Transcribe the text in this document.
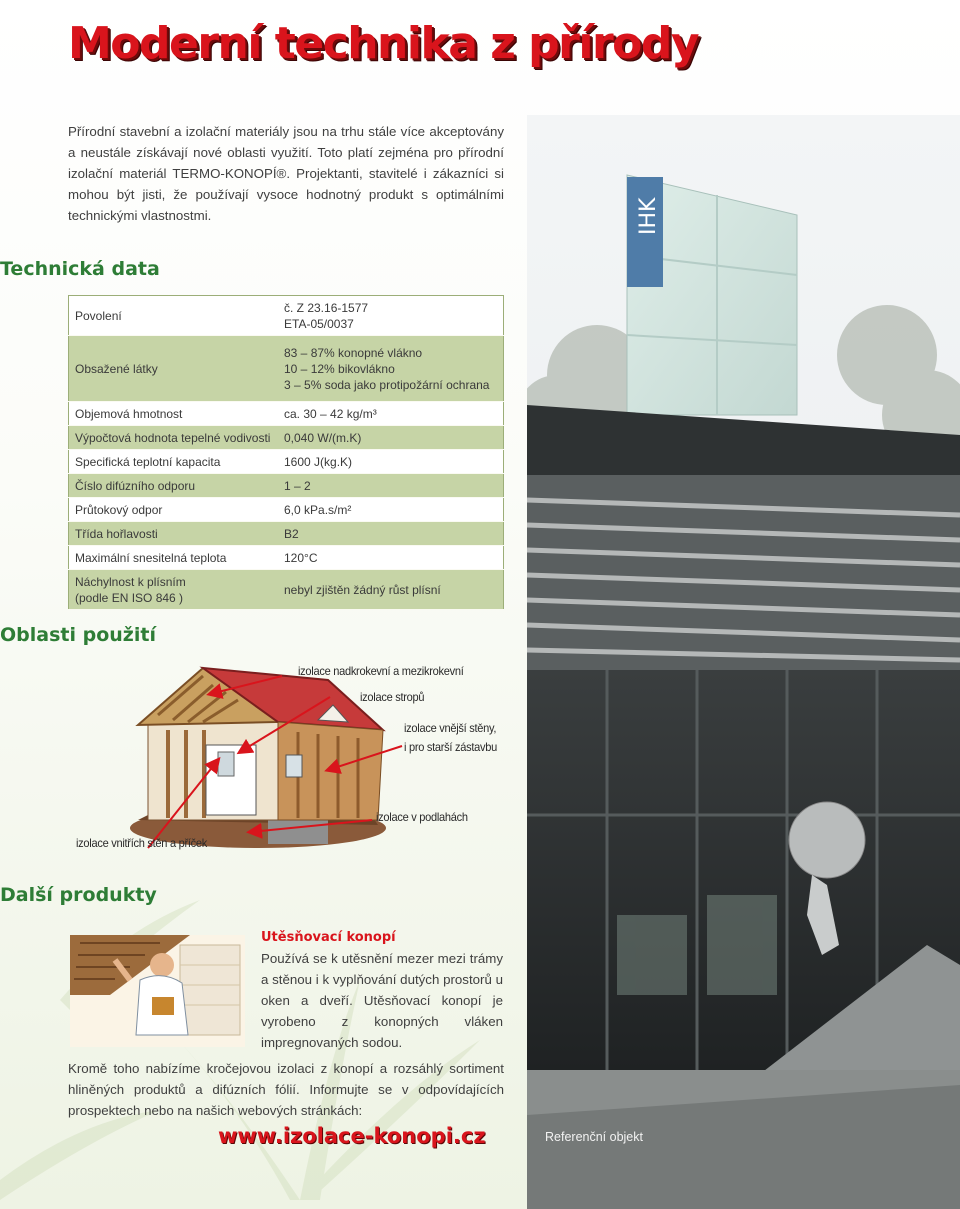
Moderní technika z přírody

Přírodní stavební a izolační materiály jsou na trhu stále více akceptovány a neustále získávají nové oblasti využití. Toto platí zejména pro přírodní izolační materiál TERMO-KONOPÍ®. Projektanti, stavitelé i zákazníci si mohou být jisti, že používají vysoce hodnotný produkt s optimálními technickými vlastnostmi.

Technická data
Povolení	č. Z 23.16-1577
ETA-05/0037

Obsažené látky	83 – 87% konopné vlákno
10 – 12% bikovlákno
3 – 5% soda jako protipožární ochrana

Objemová hmotnost	ca. 30 – 42 kg/m³

Výpočtová hodnota tepelné vodivosti	0,040 W/(m.K)

Specifická teplotní kapacita	1600 J(kg.K)

Číslo difúzního odporu	1 – 2

Průtokový odpor	6,0 kPa.s/m²

Třída hořlavosti	B2

Maximální snesitelná teplota	120°C

Náchylnost k plísním
(podle EN ISO 846 )	nebyl zjištěn žádný růst plísní
Oblasti použití
izolace nadkrokevní a mezikrokevní
izolace stropů
izolace vnější stěny,
i pro starší zástavbu
izolace v podlahách
izolace vnitřích stěn a příček
Další produkty
Utěsňovací konopí

Používá se k utěsnění mezer mezi trámy a stěnou i k vyplňování dutých prostorů u oken a dveří. Utěsňovací konopí je vyrobeno z konopných vláken impregnovaných sodou.

Kromě toho nabízíme kročejovou izolaci z konopí a rozsáhlý sortiment hliněných produktů a difúzních fólií. Informujte se v odpovídajících prospektech nebo na našich webových stránkách:

www.izolace-konopi.cz
IHK
Referenční objekt
